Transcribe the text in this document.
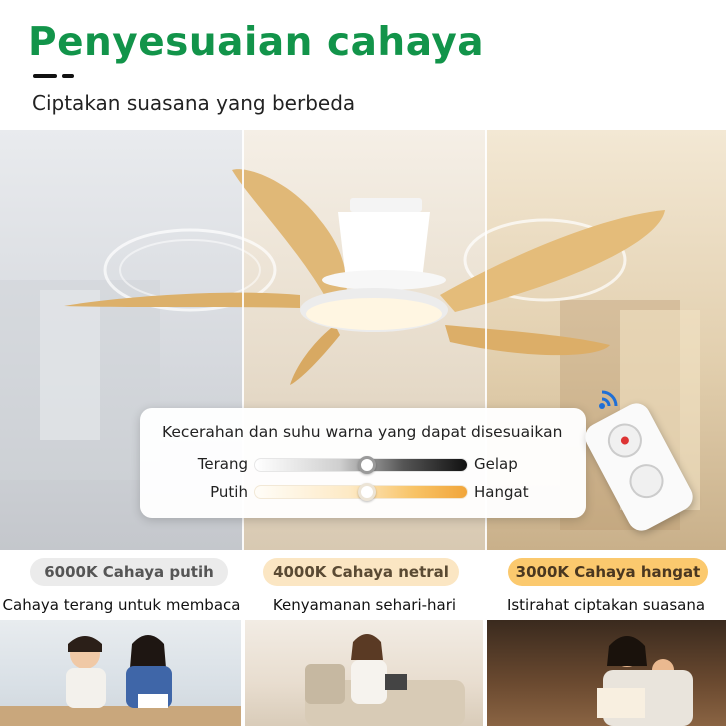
Penyesuaian cahaya
Ciptakan suasana yang berbeda
Kecerahan dan suhu warna yang dapat disesuaikan
Terang	Gelap
Putih	Hangat
6000K Cahaya putih
Cahaya terang untuk membaca
4000K Cahaya netral
Kenyamanan sehari-hari
3000K Cahaya hangat
Istirahat ciptakan suasana
